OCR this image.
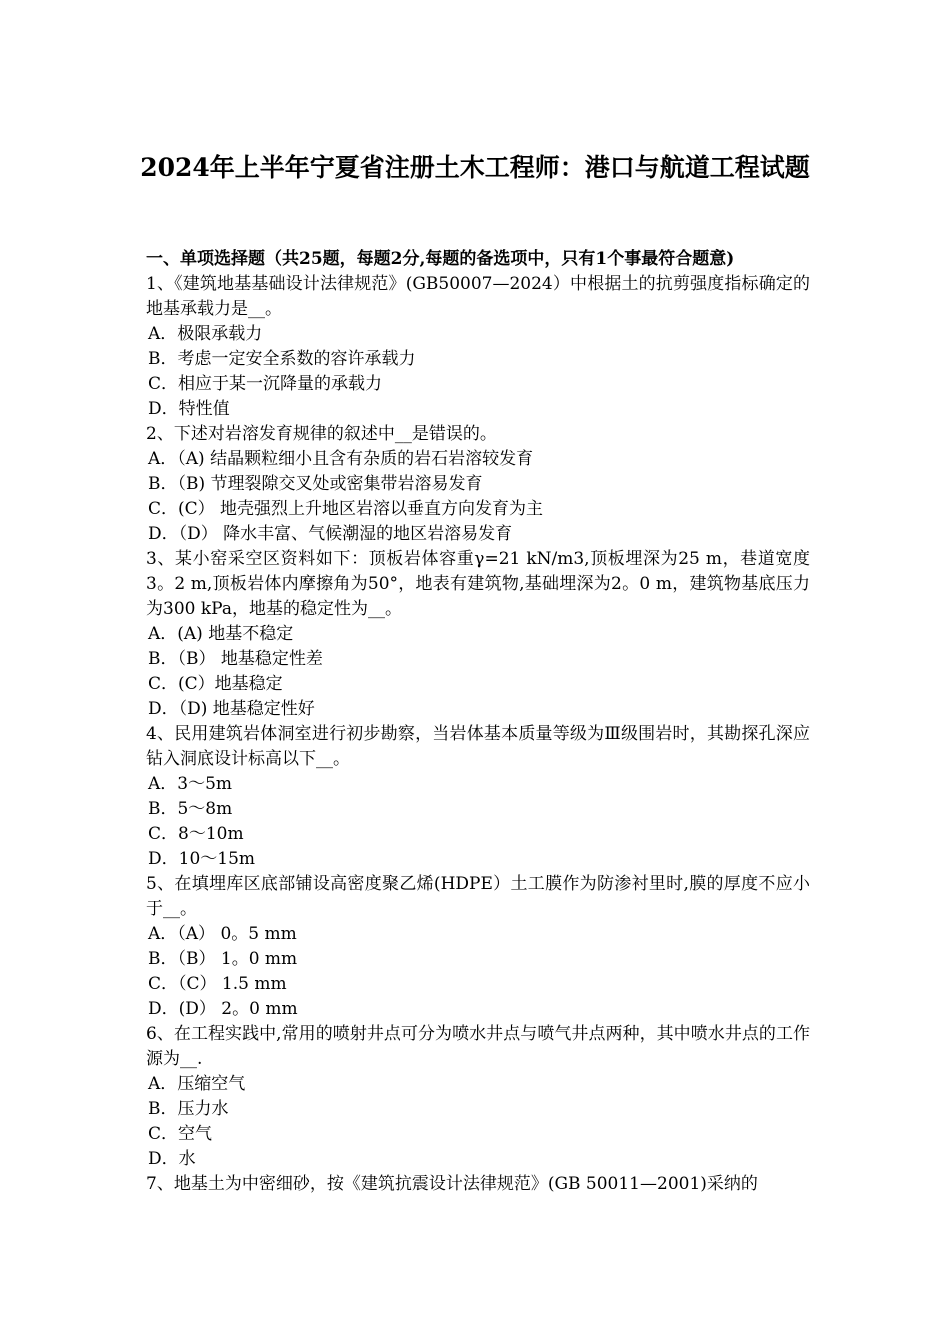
2024年上半年宁夏省注册土木工程师：港口与航道工程试题

一、单项选择题（共25题，每题2分,每题的备选项中，只有1个事最符合题意)

1、《建筑地基基础设计法律规范》(GB50007—2024）中根据土的抗剪强度指标确定的地基承载力是__。

A．极限承载力
B．考虑一定安全系数的容许承载力
C．相应于某一沉降量的承载力
D．特性值

2、下述对岩溶发育规律的叙述中__是错误的。

A．（A) 结晶颗粒细小且含有杂质的岩石岩溶较发育
B．（B) 节理裂隙交叉处或密集带岩溶易发育
C．(C） 地壳强烈上升地区岩溶以垂直方向发育为主
D．（D） 降水丰富、气候潮湿的地区岩溶易发育

3、某小窑采空区资料如下：顶板岩体容重γ=21 kN/m3,顶板埋深为25 m，巷道宽度3。2 m,顶板岩体内摩擦角为50°，地表有建筑物,基础埋深为2。0 m，建筑物基底压力为300 kPa，地基的稳定性为__。

A．(A) 地基不稳定
B．（B） 地基稳定性差
C．(C）地基稳定
D．（D) 地基稳定性好

4、民用建筑岩体洞室进行初步勘察，当岩体基本质量等级为Ⅲ级围岩时，其勘探孔深应钻入洞底设计标高以下__。

A．3～5m
B．5～8m
C．8～10m
D．10～15m

5、在填埋库区底部铺设高密度聚乙烯(HDPE）土工膜作为防渗衬里时,膜的厚度不应小于__。

A．（A） 0。5 mm
B．（B） 1。0 mm
C．（C） 1.5 mm
D．(D） 2。0 mm

6、在工程实践中,常用的喷射井点可分为喷水井点与喷气井点两种，其中喷水井点的工作源为__.

A．压缩空气
B．压力水
C．空气
D．水

7、地基土为中密细砂，按《建筑抗震设计法律规范》(GB 50011—2001)采纳的
